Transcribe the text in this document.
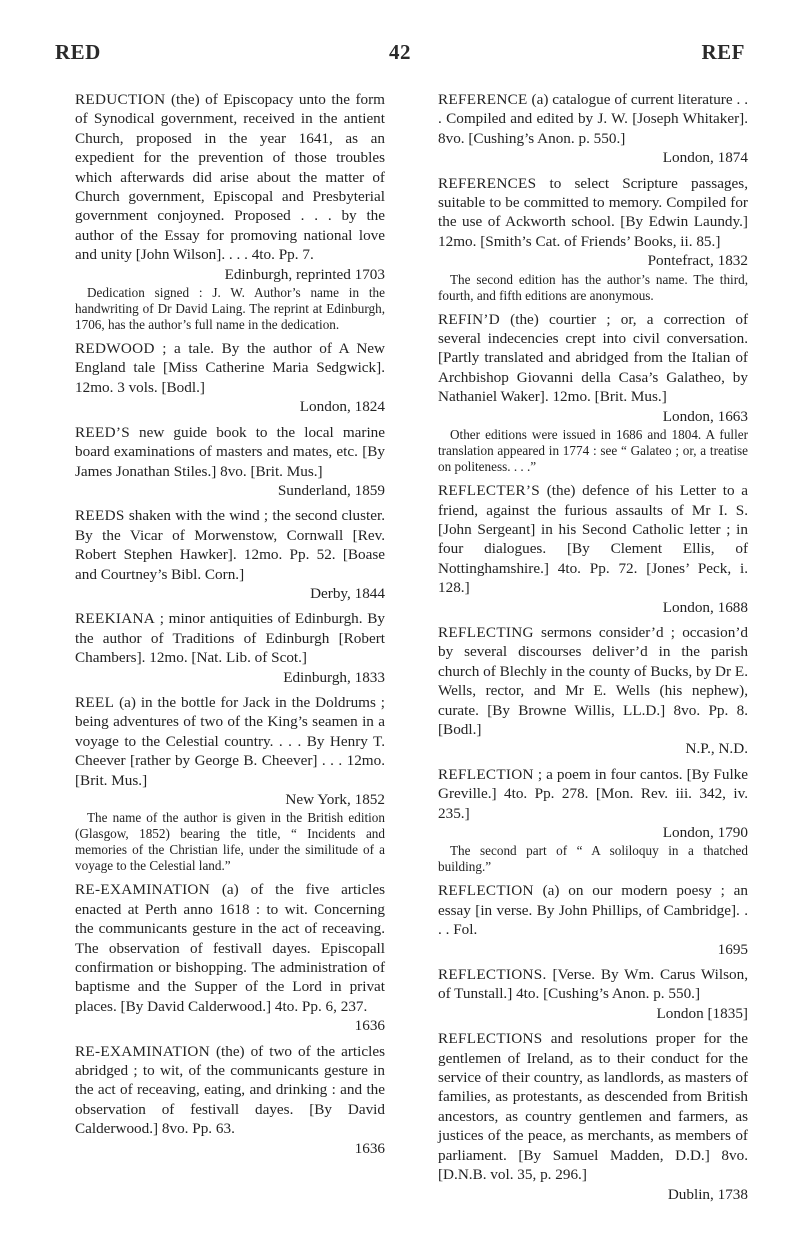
RED	42	REF
REDUCTION (the) of Episcopacy unto the form of Synodical government, received in the antient Church, proposed in the year 1641, as an expedient for the prevention of those troubles which afterwards did arise about the matter of Church government, Episcopal and Presbyterial government conjoyned. Proposed . . . by the author of the Essay for promoving national love and unity [John Wilson]. . . . 4to. Pp. 7.
Edinburgh, reprinted 1703
Dedication signed : J. W. Author’s name in the handwriting of Dr David Laing. The reprint at Edinburgh, 1706, has the author’s full name in the dedication.
REDWOOD ; a tale. By the author of A New England tale [Miss Catherine Maria Sedgwick]. 12mo. 3 vols. [Bodl.]
London, 1824
REED’S new guide book to the local marine board examinations of masters and mates, etc. [By James Jonathan Stiles.] 8vo. [Brit. Mus.]
Sunderland, 1859
REEDS shaken with the wind ; the second cluster. By the Vicar of Morwenstow, Cornwall [Rev. Robert Stephen Hawker]. 12mo. Pp. 52. [Boase and Courtney’s Bibl. Corn.]
Derby, 1844
REEKIANA ; minor antiquities of Edinburgh. By the author of Traditions of Edinburgh [Robert Chambers]. 12mo. [Nat. Lib. of Scot.]
Edinburgh, 1833
REEL (a) in the bottle for Jack in the Doldrums ; being adventures of two of the King’s seamen in a voyage to the Celestial country. . . . By Henry T. Cheever [rather by George B. Cheever] . . . 12mo. [Brit. Mus.]
New York, 1852
The name of the author is given in the British edition (Glasgow, 1852) bearing the title, “ Incidents and memories of the Christian life, under the similitude of a voyage to the Celestial land.”
RE-EXAMINATION (a) of the five articles enacted at Perth anno 1618 : to wit. Concerning the communicants gesture in the act of receaving. The observation of festivall dayes. Episcopall confirmation or bishopping. The administration of baptisme and the Supper of the Lord in privat places. [By David Calderwood.] 4to. Pp. 6, 237.
1636
RE-EXAMINATION (the) of two of the articles abridged ; to wit, of the communicants gesture in the act of receaving, eating, and drinking : and the observation of festivall dayes. [By David Calderwood.] 8vo. Pp. 63.
1636
REFERENCE (a) catalogue of current literature . . . Compiled and edited by J. W. [Joseph Whitaker]. 8vo. [Cushing’s Anon. p. 550.]
London, 1874
REFERENCES to select Scripture passages, suitable to be committed to memory. Compiled for the use of Ackworth school. [By Edwin Laundy.] 12mo. [Smith’s Cat. of Friends’ Books, ii. 85.]
Pontefract, 1832
The second edition has the author’s name. The third, fourth, and fifth editions are anonymous.
REFIN’D (the) courtier ; or, a correction of several indecencies crept into civil conversation. [Partly translated and abridged from the Italian of Archbishop Giovanni della Casa’s Galatheo, by Nathaniel Waker]. 12mo. [Brit. Mus.]
London, 1663
Other editions were issued in 1686 and 1804. A fuller translation appeared in 1774 : see “ Galateo ; or, a treatise on politeness. . . .”
REFLECTER’S (the) defence of his Letter to a friend, against the furious assaults of Mr I. S. [John Sergeant] in his Second Catholic letter ; in four dialogues. [By Clement Ellis, of Nottinghamshire.] 4to. Pp. 72. [Jones’ Peck, i. 128.]
London, 1688
REFLECTING sermons consider’d ; occasion’d by several discourses deliver’d in the parish church of Blechly in the county of Bucks, by Dr E. Wells, rector, and Mr E. Wells (his nephew), curate. [By Browne Willis, LL.D.] 8vo. Pp. 8. [Bodl.]
N.P., N.D.
REFLECTION ; a poem in four cantos. [By Fulke Greville.] 4to. Pp. 278. [Mon. Rev. iii. 342, iv. 235.]
London, 1790
The second part of “ A soliloquy in a thatched building.”
REFLECTION (a) on our modern poesy ; an essay [in verse. By John Phillips, of Cambridge]. . . . Fol.
1695
REFLECTIONS. [Verse. By Wm. Carus Wilson, of Tunstall.] 4to. [Cushing’s Anon. p. 550.]
London [1835]
REFLECTIONS and resolutions proper for the gentlemen of Ireland, as to their conduct for the service of their country, as landlords, as masters of families, as protestants, as descended from British ancestors, as country gentlemen and farmers, as justices of the peace, as merchants, as members of parliament. [By Samuel Madden, D.D.] 8vo. [D.N.B. vol. 35, p. 296.]
Dublin, 1738
